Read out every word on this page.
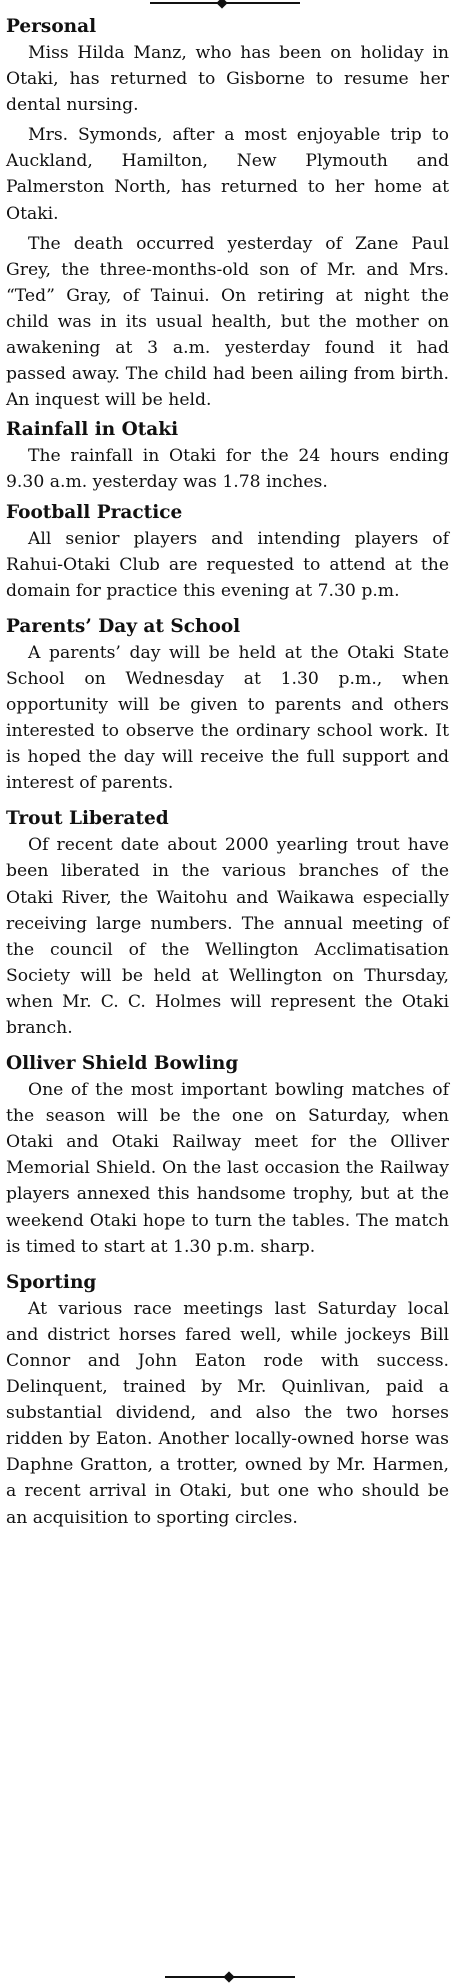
Personal

Miss Hilda Manz, who has been on holiday in Otaki, has returned to Gisborne to resume her dental nursing.

Mrs. Symonds, after a most enjoyable trip to Auckland, Hamilton, New Plymouth and Palmerston North, has returned to her home at Otaki.

The death occurred yesterday of Zane Paul Grey, the three-months-old son of Mr. and Mrs. “Ted” Gray, of Tainui. On retiring at night the child was in its usual health, but the mother on awakening at 3 a.m. yesterday found it had passed away. The child had been ailing from birth. An inquest will be held.

Rainfall in Otaki

The rainfall in Otaki for the 24 hours ending 9.30 a.m. yesterday was 1.78 inches.

Football Practice

All senior players and intending players of Rahui-Otaki Club are requested to attend at the domain for practice this evening at 7.30 p.m.

Parents’ Day at School

A parents’ day will be held at the Otaki State School on Wednesday at 1.30 p.m., when opportunity will be given to parents and others interested to observe the ordinary school work. It is hoped the day will receive the full support and interest of parents.

Trout Liberated

Of recent date about 2000 yearling trout have been liberated in the various branches of the Otaki River, the Waitohu and Waikawa especially receiving large numbers. The annual meeting of the council of the Wellington Acclimatisation Society will be held at Wellington on Thursday, when Mr. C. C. Holmes will represent the Otaki branch.

Olliver Shield Bowling

One of the most important bowling matches of the season will be the one on Saturday, when Otaki and Otaki Railway meet for the Olliver Memorial Shield. On the last occasion the Railway players annexed this handsome trophy, but at the weekend Otaki hope to turn the tables. The match is timed to start at 1.30 p.m. sharp.

Sporting

At various race meetings last Saturday local and district horses fared well, while jockeys Bill Connor and John Eaton rode with success. Delinquent, trained by Mr. Quinlivan, paid a substantial dividend, and also the two horses ridden by Eaton. Another locally-owned horse was Daphne Gratton, a trotter, owned by Mr. Harmen, a recent arrival in Otaki, but one who should be an acquisition to sporting circles.
